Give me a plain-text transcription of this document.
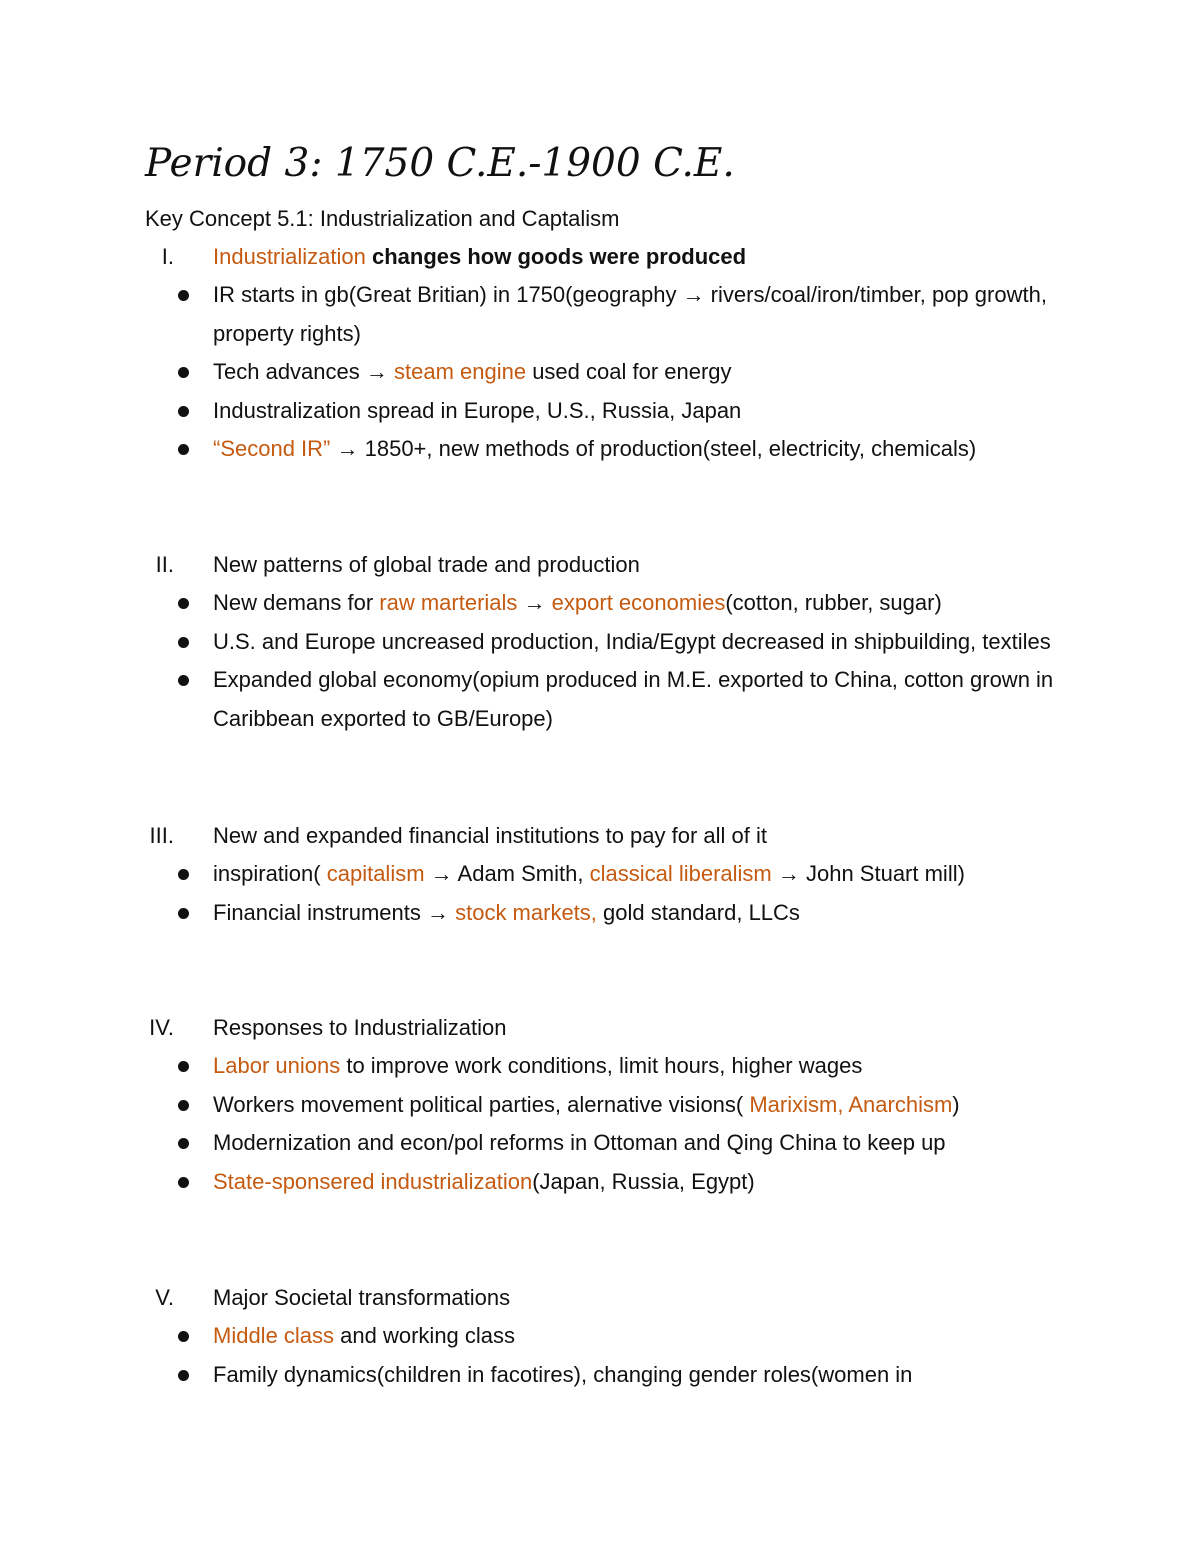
Period 3: 1750 C.E.-1900 C.E.
Key Concept 5.1: Industrialization and Captalism
I. Industrialization changes how goods were produced
IR starts in gb(Great Britian) in 1750(geography → rivers/coal/iron/timber, pop growth, property rights)
Tech advances → steam engine used coal for energy
Industralization spread in Europe, U.S., Russia, Japan
“Second IR” → 1850+, new methods of production(steel, electricity, chemicals)
II. New patterns of global trade and production
New demans for raw marterials → export economies(cotton, rubber, sugar)
U.S. and Europe uncreased production, India/Egypt decreased in shipbuilding, textiles
Expanded global economy(opium produced in M.E. exported to China, cotton grown in Caribbean exported to GB/Europe)
III. New and expanded financial institutions to pay for all of it
inspiration( capitalism → Adam Smith, classical liberalism → John Stuart mill)
Financial instruments → stock markets, gold standard, LLCs
IV. Responses to Industrialization
Labor unions to improve work conditions, limit hours, higher wages
Workers movement political parties, alernative visions( Marixism, Anarchism)
Modernization and econ/pol reforms in Ottoman and Qing China to keep up
State-sponsered industrialization(Japan, Russia, Egypt)
V. Major Societal transformations
Middle class and working class
Family dynamics(children in facotires), changing gender roles(women in
